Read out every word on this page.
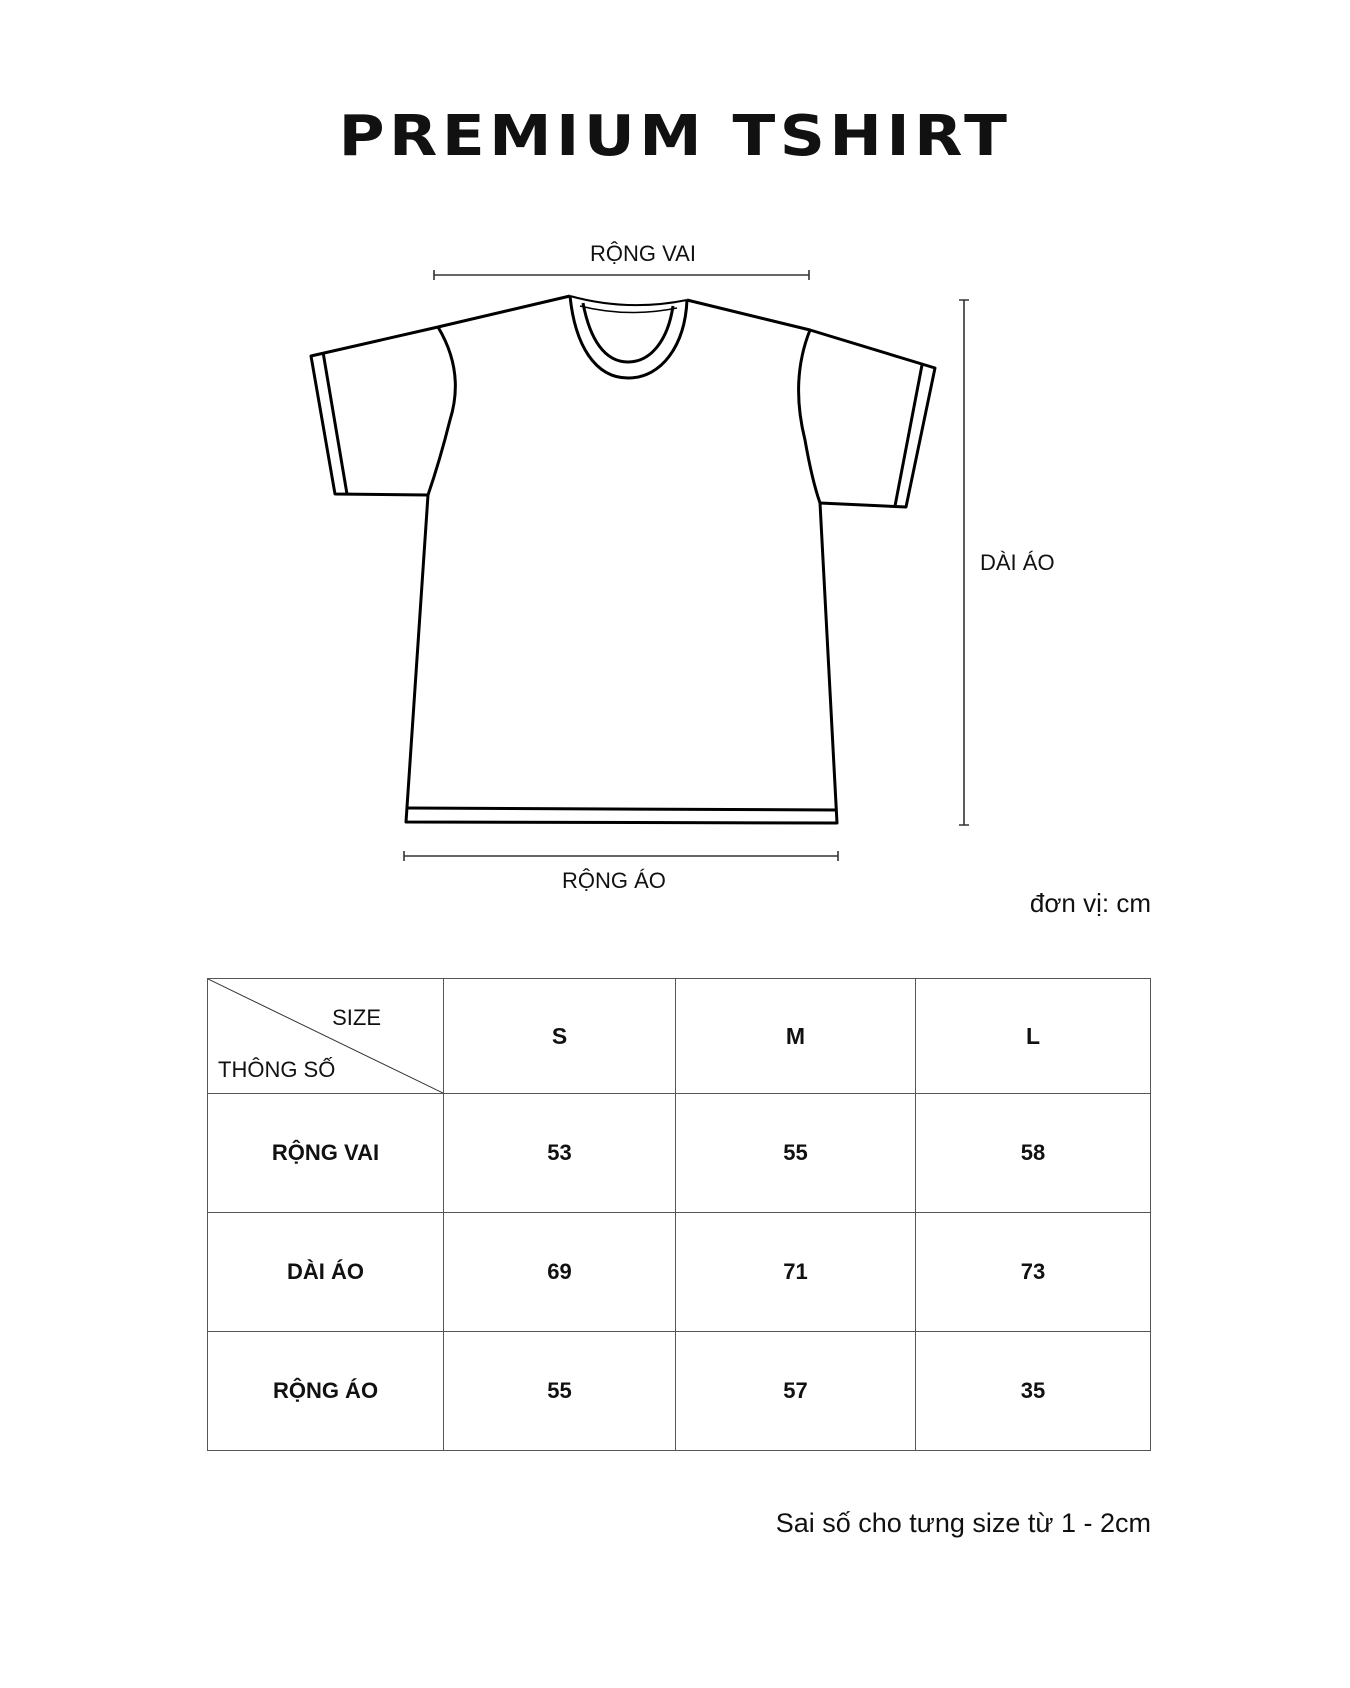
PREMIUM TSHIRT
RỘNG VAI
DÀI ÁO
RỘNG ÁO
đơn vị: cm
SIZE
THÔNG SỐ	S	M	L
RỘNG VAI	53	55	58
DÀI ÁO	69	71	73
RỘNG ÁO	55	57	35
Sai số cho tưng size từ 1 - 2cm
